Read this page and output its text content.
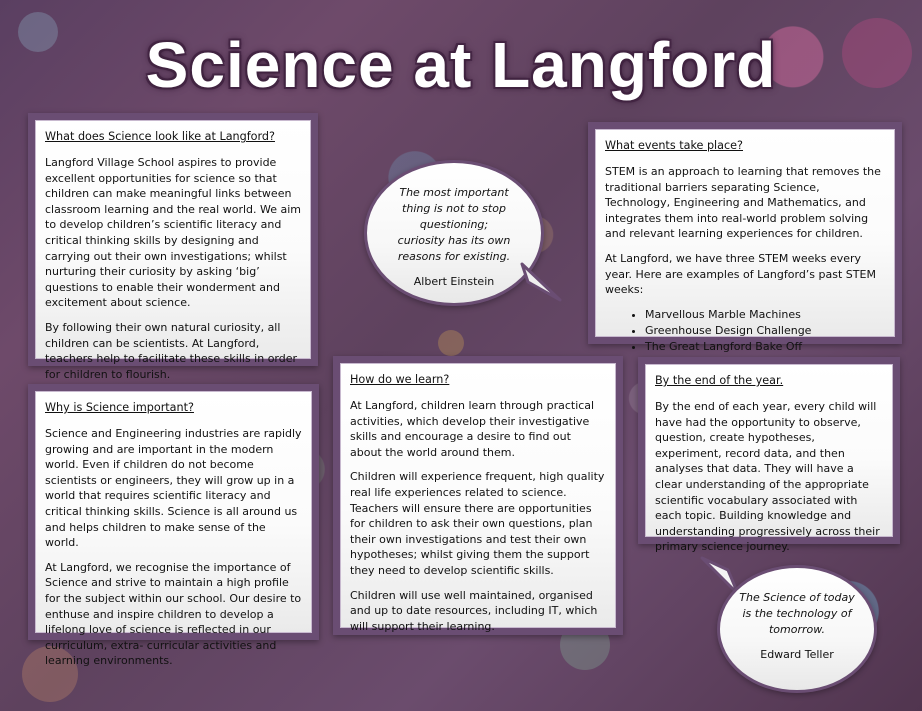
Science at Langford
What does Science look like at Langford?

Langford Village School aspires to provide excellent opportunities for science so that children can make meaningful links between classroom learning and the real world. We aim to develop children’s scientific literacy and critical thinking skills by designing and carrying out their own investigations; whilst nurturing their curiosity by asking ‘big’ questions to enable their wonderment and excitement about science.

By following their own natural curiosity, all children can be scientists. At Langford, teachers help to facilitate these skills in order for children to flourish.

Why is Science important?

Science and Engineering industries are rapidly growing and are important in the modern world. Even if children do not become scientists or engineers, they will grow up in a world that requires scientific literacy and critical thinking skills. Science is all around us and helps children to make sense of the world.

At Langford, we recognise the importance of Science and strive to maintain a high profile for the subject within our school. Our desire to enthuse and inspire children to develop a lifelong love of science is reflected in our curriculum, extra- curricular activities and learning environments.

The most important thing is not to stop questioning; curiosity has its own reasons for existing.
Albert Einstein
What events take place?

STEM is an approach to learning that removes the traditional barriers separating Science, Technology, Engineering and Mathematics, and integrates them into real-world problem solving and relevant learning experiences for children.

At Langford, we have three STEM weeks every year. Here are examples of Langford’s past STEM weeks:

• Marvellous Marble Machines
• Greenhouse Design Challenge
• The Great Langford Bake Off
How do we learn?

At Langford, children learn through practical activities, which develop their investigative skills and encourage a desire to find out about the world around them.

Children will experience frequent, high quality real life experiences related to science. Teachers will ensure there are opportunities for children to ask their own questions, plan their own investigations and test their own hypotheses; whilst giving them the support they need to develop scientific skills.

Children will use well maintained, organised and up to date resources, including IT, which will support their learning.

By the end of the year.

By the end of each year, every child will have had the opportunity to observe, question, create hypotheses, experiment, record data, and then analyses that data. They will have a clear understanding of the appropriate scientific vocabulary associated with each topic. Building knowledge and understanding progressively across their primary science journey.

The Science of today is the technology of tomorrow.
Edward Teller
